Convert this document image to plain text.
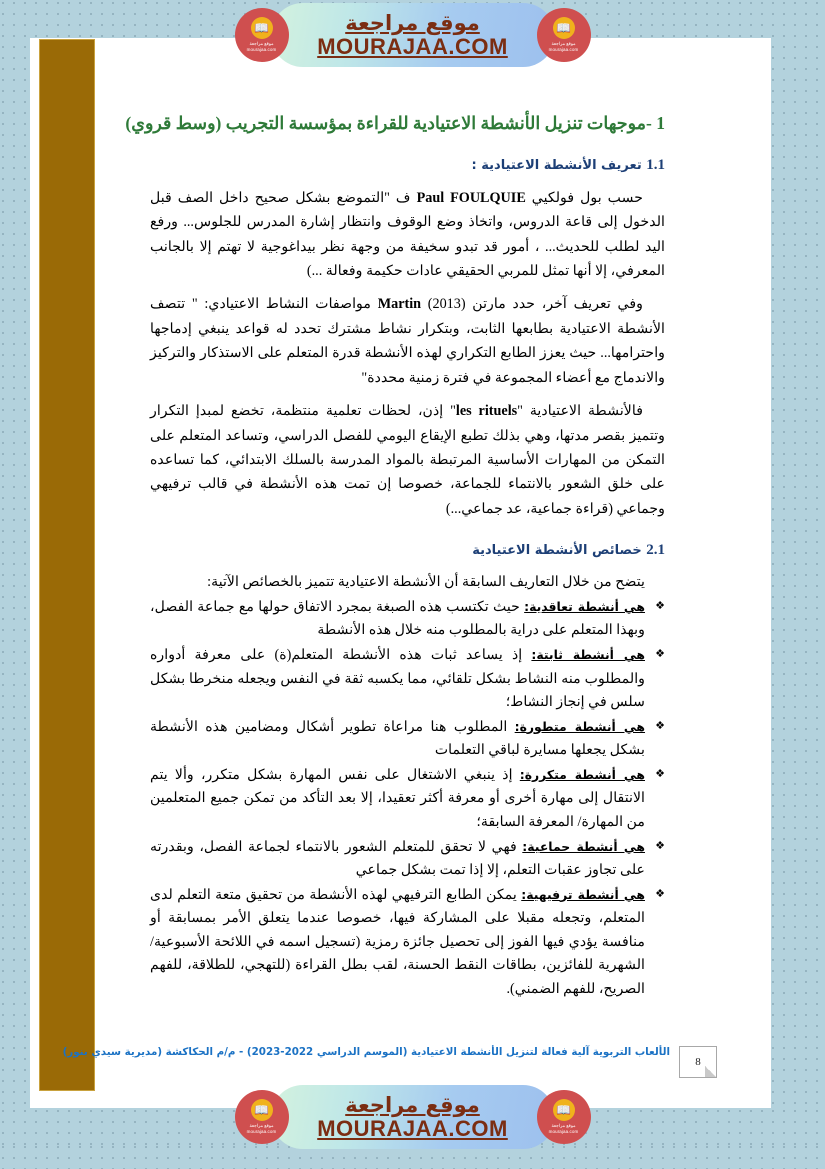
📖
موقع مراجعة
mourajaa.com
موقع مراجعة
MOURAJAA.COM
📖
موقع مراجعة
mourajaa.com
1 -موجهات تنزيل الأنشطة الاعتيادية للقراءة بمؤسسة التجريب (وسط قروي)
1.1 تعريف الأنشطة الاعتيادية :

حسب بول فولكيي Paul FOULQUIE ف "التموضع بشكل صحيح داخل الصف قبل الدخول إلى قاعة الدروس، واتخاذ وضع الوقوف وانتظار إشارة المدرس للجلوس... ورفع اليد لطلب للحديث... ، أمور قد تبدو سخيفة من وجهة نظر بيداغوجية لا تهتم إلا بالجانب المعرفي، إلا أنها تمثل للمربي الحقيقي عادات حكيمة وفعالة ...)

وفي تعريف آخر، حدد مارتن Martin (2013) مواصفات النشاط الاعتيادي: " تتصف الأنشطة الاعتيادية بطابعها الثابت، وبتكرار نشاط مشترك تحدد له قواعد ينبغي إدماجها واحترامها... حيث يعزز الطابع التكراري لهذه الأنشطة قدرة المتعلم على الاستذكار والتركيز والاندماج مع أعضاء المجموعة في فترة زمنية محددة"

فالأنشطة الاعتيادية "les rituels" إذن، لحظات تعلمية منتظمة، تخضع لمبدإ التكرار وتتميز بقصر مدتها، وهي بذلك تطبع الإيقاع اليومي للفصل الدراسي، وتساعد المتعلم على التمكن من المهارات الأساسية المرتبطة بالمواد المدرسة بالسلك الابتدائي، كما تساعده على خلق الشعور بالانتماء للجماعة، خصوصا إن تمت هذه الأنشطة في قالب ترفيهي وجماعي (قراءة جماعية، عد جماعي...)

2.1 خصائص الأنشطة الاعتيادية

يتضح من خلال التعاريف السابقة أن الأنشطة الاعتيادية تتميز بالخصائص الآتية:

❖
هي أنشطة تعاقدية: حيث تكتسب هذه الصبغة بمجرد الاتفاق حولها مع جماعة الفصل، وبهذا المتعلم على دراية بالمطلوب منه خلال هذه الأنشطة
❖
هي أنشطة ثابتة: إذ يساعد ثبات هذه الأنشطة المتعلم(ة) على معرفة أدواره والمطلوب منه النشاط بشكل تلقائي، مما يكسبه ثقة في النفس ويجعله منخرطا بشكل سلس في إنجاز النشاط؛
❖
هي أنشطة متطورة: المطلوب هنا مراعاة تطوير أشكال ومضامين هذه الأنشطة بشكل يجعلها مسايرة لباقي التعلمات
❖
هي أنشطة متكررة: إذ ينبغي الاشتغال على نفس المهارة بشكل متكرر، وألا يتم الانتقال إلى مهارة أخرى أو معرفة أكثر تعقيدا، إلا بعد التأكد من تمكن جميع المتعلمين من المهارة/ المعرفة السابقة؛
❖
هي أنشطة جماعية: فهي لا تحقق للمتعلم الشعور بالانتماء لجماعة الفصل، وبقدرته على تجاوز عقبات التعلم، إلا إذا تمت بشكل جماعي
❖
هي أنشطة ترفيهية: يمكن الطابع الترفيهي لهذه الأنشطة من تحقيق متعة التعلم لدى المتعلم، وتجعله مقبلا على المشاركة فيها، خصوصا عندما يتعلق الأمر بمسابقة أو منافسة يؤدي فيها الفوز إلى تحصيل جائزة رمزية (تسجيل اسمه في اللائحة الأسبوعية/ الشهرية للفائزين، بطاقات النقط الحسنة، لقب بطل القراءة (للتهجي، للطلاقة، للفهم الصريح، للفهم الضمني).
الألعاب التربوية آلية فعالة لتنزيل الأنشطة الاعتيادية (الموسم الدراسي 2022-2023) - م/م الحكاكشة (مديرية سيدي بنور)
8
📖
موقع مراجعة
mourajaa.com
موقع مراجعة
MOURAJAA.COM
📖
موقع مراجعة
mourajaa.com
